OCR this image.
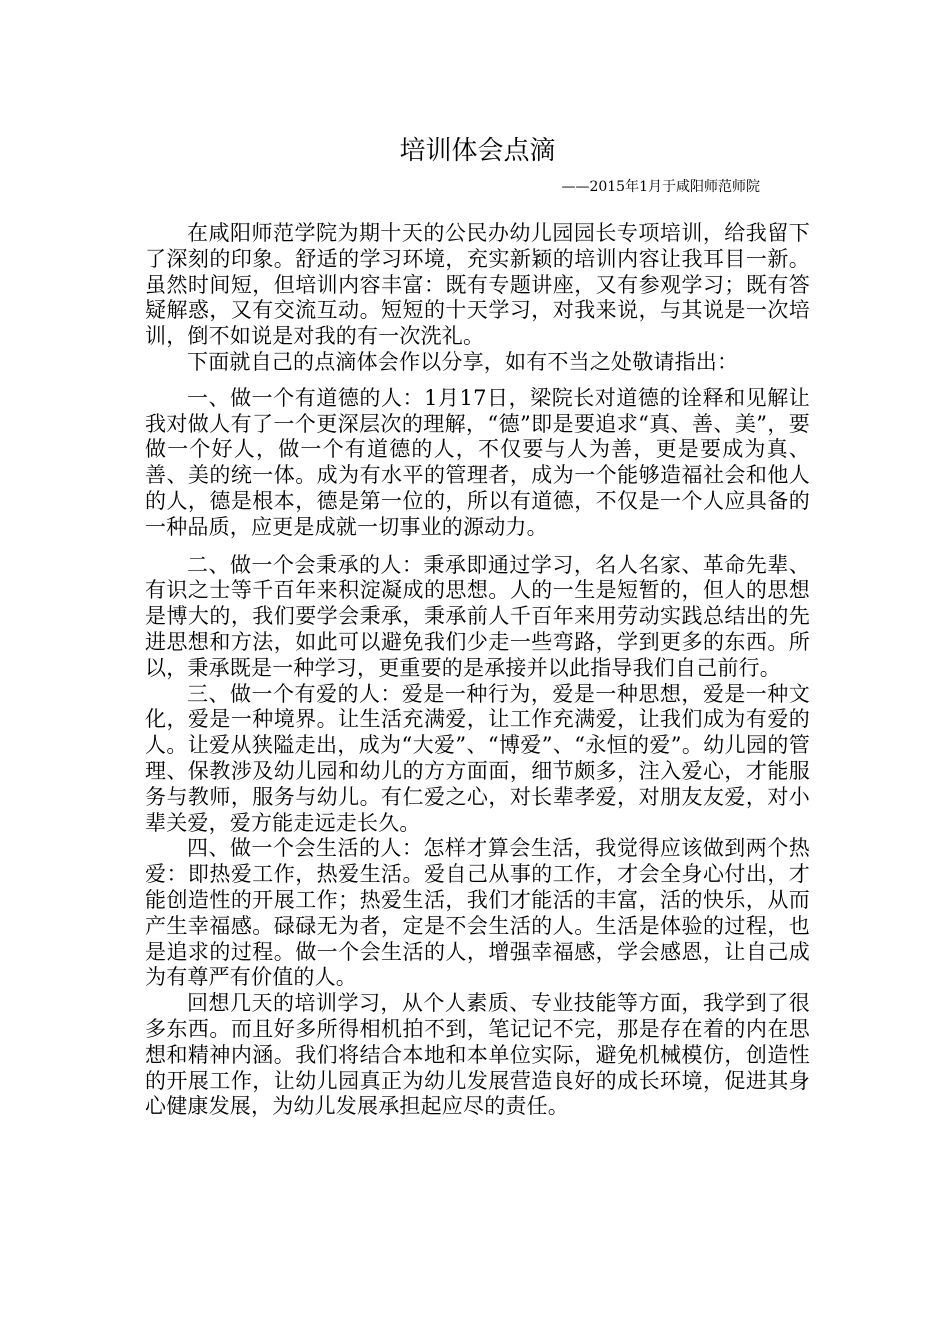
培训体会点滴

——2015年1月于咸阳师范师院

在咸阳师范学院为期十天的公民办幼儿园园长专项培训，给我留下了深刻的印象。舒适的学习环境，充实新颖的培训内容让我耳目一新。虽然时间短，但培训内容丰富：既有专题讲座，又有参观学习；既有答疑解惑，又有交流互动。短短的十天学习，对我来说，与其说是一次培训，倒不如说是对我的有一次洗礼。

下面就自己的点滴体会作以分享，如有不当之处敬请指出：

一、做一个有道德的人：1月17日，梁院长对道德的诠释和见解让我对做人有了一个更深层次的理解，“德”即是要追求“真、善、美”，要做一个好人，做一个有道德的人，不仅要与人为善，更是要成为真、善、美的统一体。成为有水平的管理者，成为一个能够造福社会和他人的人，德是根本，德是第一位的，所以有道德，不仅是一个人应具备的一种品质，应更是成就一切事业的源动力。

二、做一个会秉承的人：秉承即通过学习，名人名家、革命先辈、有识之士等千百年来积淀凝成的思想。人的一生是短暂的，但人的思想是博大的，我们要学会秉承，秉承前人千百年来用劳动实践总结出的先进思想和方法，如此可以避免我们少走一些弯路，学到更多的东西。所以，秉承既是一种学习，更重要的是承接并以此指导我们自己前行。

三、做一个有爱的人：爱是一种行为，爱是一种思想，爱是一种文化，爱是一种境界。让生活充满爱，让工作充满爱，让我们成为有爱的人。让爱从狭隘走出，成为“大爱”、“博爱”、“永恒的爱”。幼儿园的管理、保教涉及幼儿园和幼儿的方方面面，细节颇多，注入爱心，才能服务与教师，服务与幼儿。有仁爱之心，对长辈孝爱，对朋友友爱，对小辈关爱，爱方能走远走长久。

四、做一个会生活的人：怎样才算会生活，我觉得应该做到两个热爱：即热爱工作，热爱生活。爱自己从事的工作，才会全身心付出，才能创造性的开展工作；热爱生活，我们才能活的丰富，活的快乐，从而产生幸福感。碌碌无为者，定是不会生活的人。生活是体验的过程，也是追求的过程。做一个会生活的人，增强幸福感，学会感恩，让自己成为有尊严有价值的人。

回想几天的培训学习，从个人素质、专业技能等方面，我学到了很多东西。而且好多所得相机拍不到，笔记记不完，那是存在着的内在思想和精神内涵。我们将结合本地和本单位实际，避免机械模仿，创造性的开展工作，让幼儿园真正为幼儿发展营造良好的成长环境，促进其身心健康发展，为幼儿发展承担起应尽的责任。
